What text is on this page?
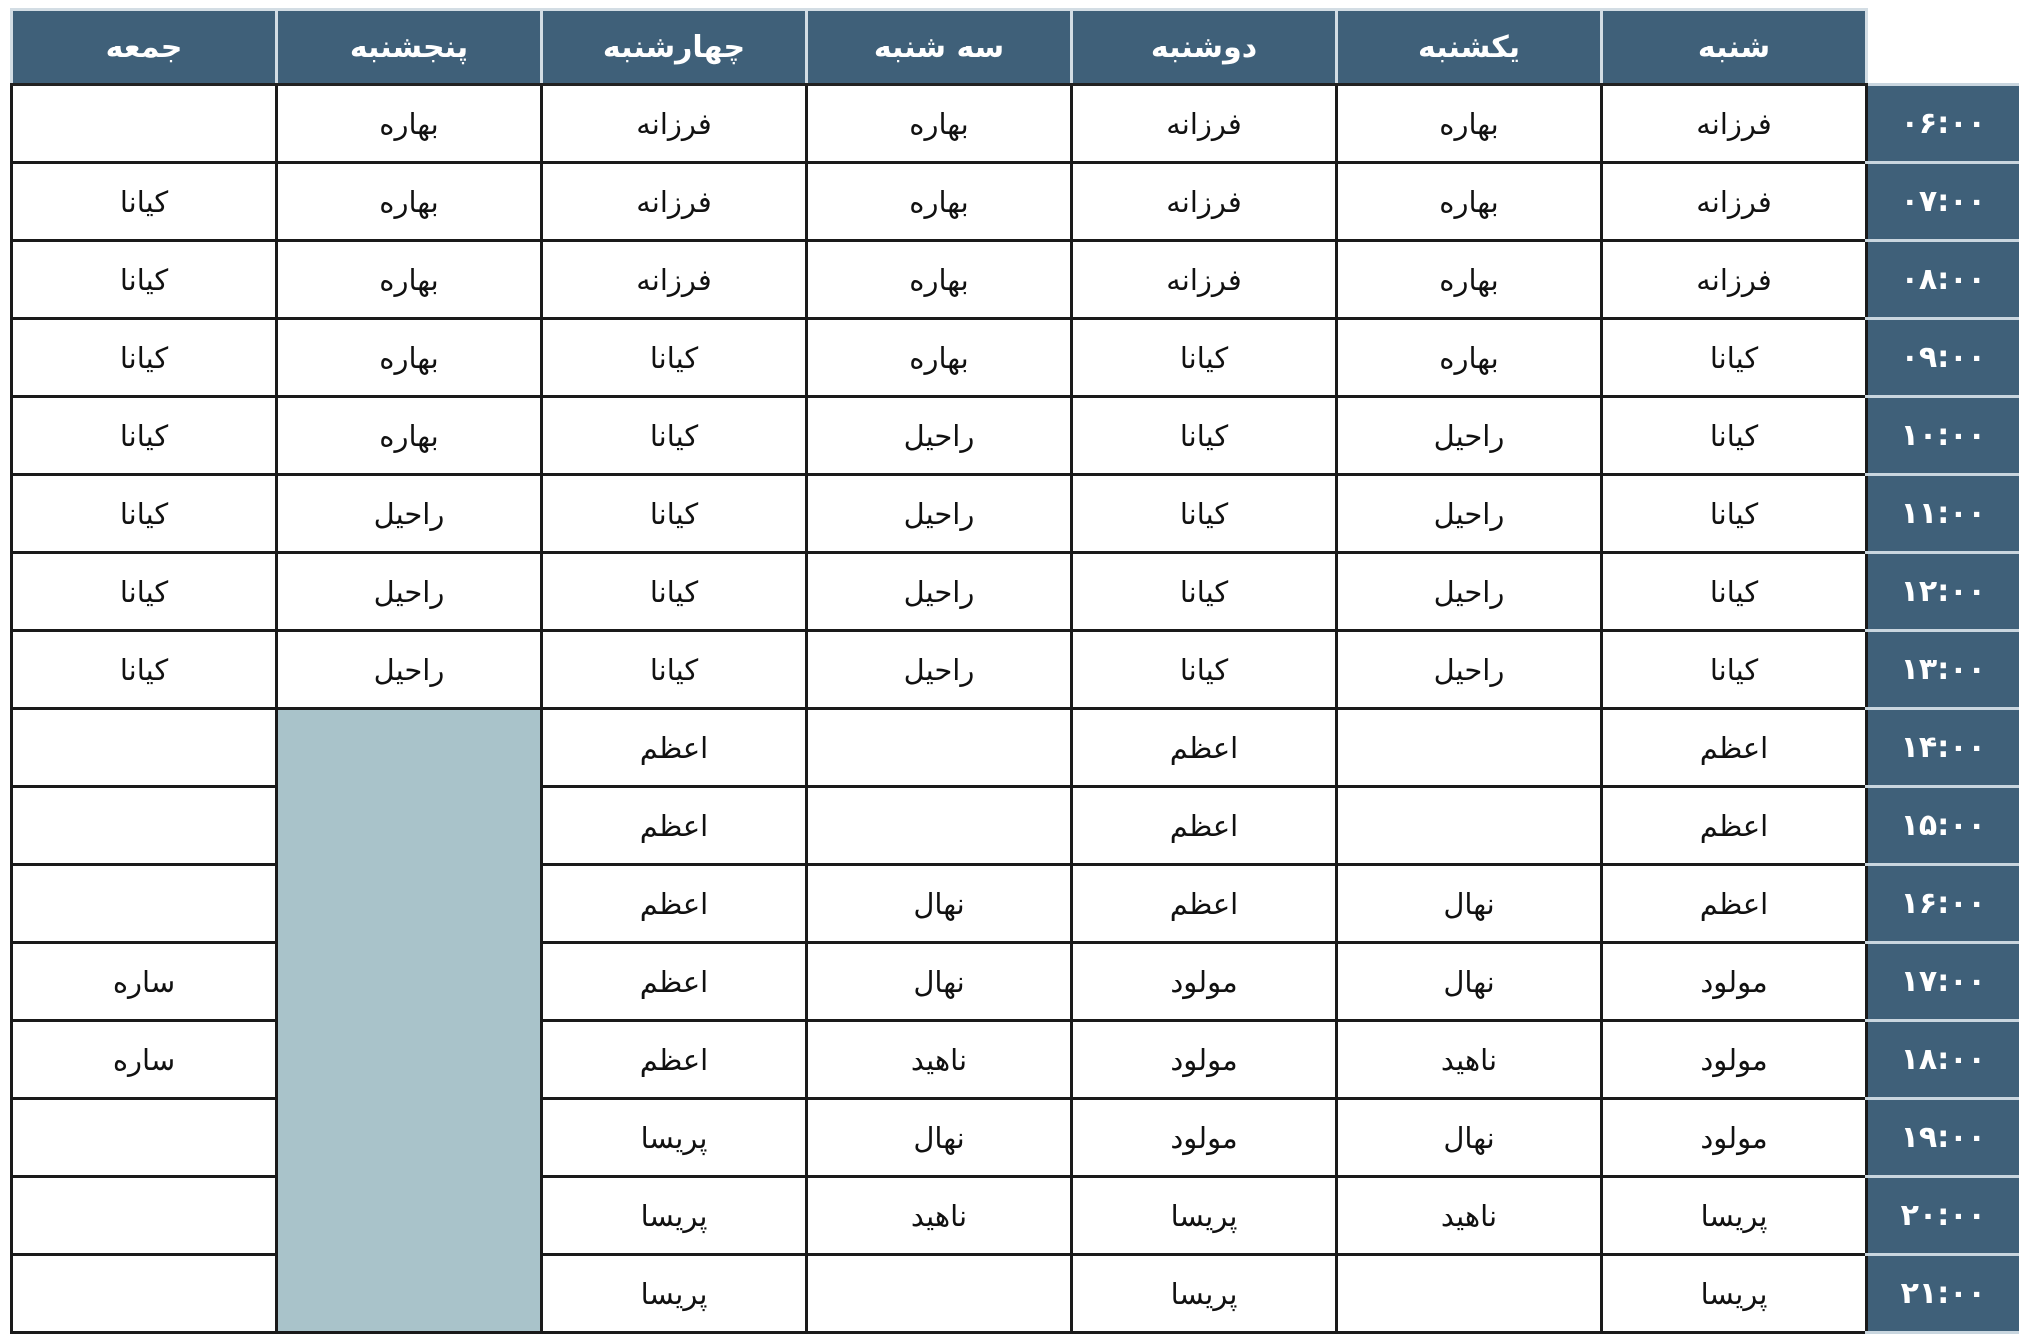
	شنبه	یکشنبه	دوشنبه	سه شنبه	چهارشنبه	پنجشنبه	جمعه
۰۶:۰۰	فرزانه	بهاره	فرزانه	بهاره	فرزانه	بهاره	
۰۷:۰۰	فرزانه	بهاره	فرزانه	بهاره	فرزانه	بهاره	کیانا
۰۸:۰۰	فرزانه	بهاره	فرزانه	بهاره	فرزانه	بهاره	کیانا
۰۹:۰۰	کیانا	بهاره	کیانا	بهاره	کیانا	بهاره	کیانا
۱۰:۰۰	کیانا	راحیل	کیانا	راحیل	کیانا	بهاره	کیانا
۱۱:۰۰	کیانا	راحیل	کیانا	راحیل	کیانا	راحیل	کیانا
۱۲:۰۰	کیانا	راحیل	کیانا	راحیل	کیانا	راحیل	کیانا
۱۳:۰۰	کیانا	راحیل	کیانا	راحیل	کیانا	راحیل	کیانا
۱۴:۰۰	اعظم		اعظم		اعظم		
۱۵:۰۰	اعظم		اعظم		اعظم		
۱۶:۰۰	اعظم	نهال	اعظم	نهال	اعظم		
۱۷:۰۰	مولود	نهال	مولود	نهال	اعظم		ساره
۱۸:۰۰	مولود	ناهید	مولود	ناهید	اعظم		ساره
۱۹:۰۰	مولود	نهال	مولود	نهال	پریسا		
۲۰:۰۰	پریسا	ناهید	پریسا	ناهید	پریسا		
۲۱:۰۰	پریسا		پریسا		پریسا		
